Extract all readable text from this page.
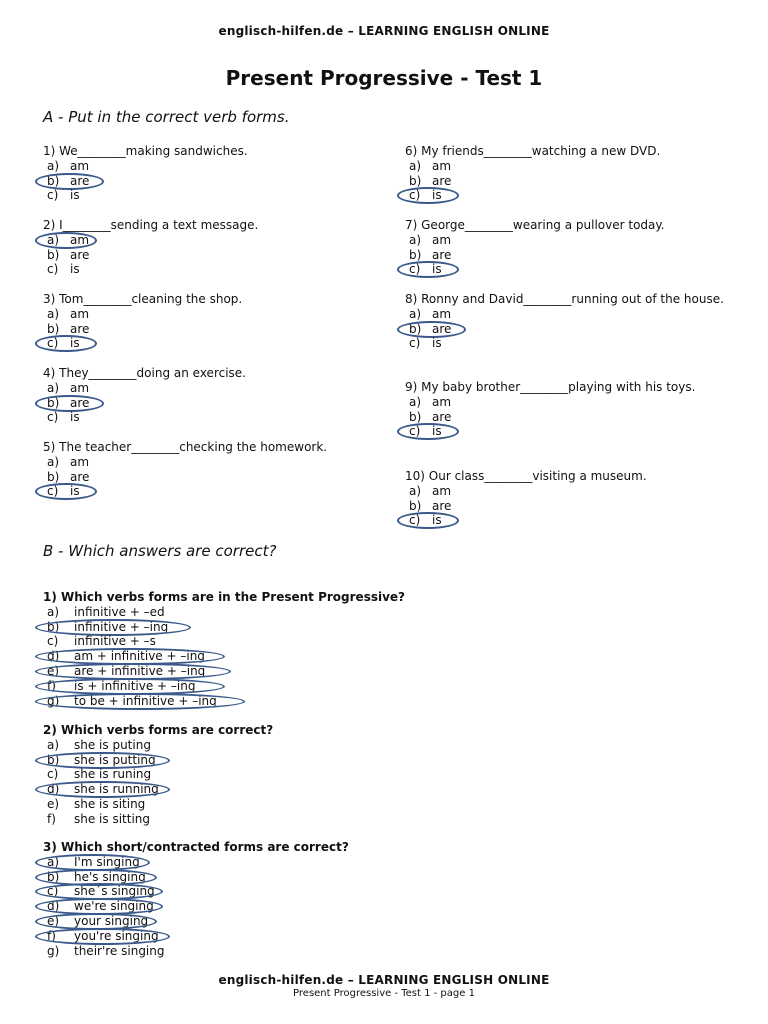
englisch-hilfen.de – LEARNING ENGLISH ONLINE
Present Progressive - Test 1
A - Put in the correct verb forms.
1) We________making sandwiches.
a) am
b) are
c) is
2) I________sending a text message.
a) am
b) are
c) is
3) Tom________cleaning the shop.
a) am
b) are
c) is
4) They________doing an exercise.
a) am
b) are
c) is
5) The teacher________checking the homework.
a) am
b) are
c) is
6) My friends________watching a new DVD.
a) am
b) are
c) is
7) George________wearing a pullover today.
a) am
b) are
c) is
8) Ronny and David________running out of the house.
a) am
b) are
c) is
9) My baby brother________playing with his toys.
a) am
b) are
c) is
10) Our class________visiting a museum.
a) am
b) are
c) is
B - Which answers are correct?
1) Which verbs forms are in the Present Progressive?
a) infinitive + –ed
b) infinitive + –ing
c) infinitive + –s
d) am + infinitive + –ing
e) are + infinitive + –ing
f) is + infinitive + –ing
g) to be + infinitive + –ing
2) Which verbs forms are correct?
a) she is puting
b) she is putting
c) she is runing
d) she is running
e) she is siting
f) she is sitting
3) Which short/contracted forms are correct?
a) I'm singing
b) he's singing
c) she´s singing
d) we're singing
e) your singing
f) you're singing
g) their're singing
englisch-hilfen.de – LEARNING ENGLISH ONLINE
Present Progressive - Test 1 - page 1
